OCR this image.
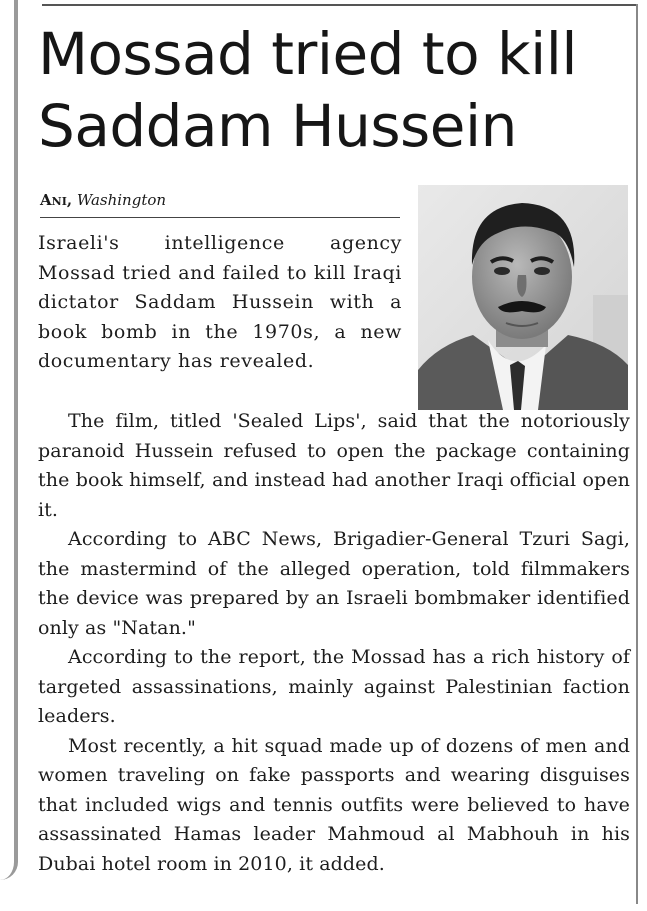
Mossad tried to kill Saddam Hussein
Ani, Washington
Israeli's intelligence agency Mossad tried and failed to kill Iraqi dictator Saddam Hussein with a book bomb in the 1970s, a new documentary has revealed.

The film, titled 'Sealed Lips', said that the notoriously paranoid Hussein refused to open the package containing the book himself, and instead had another Iraqi official open it.

According to ABC News, Brigadier-General Tzuri Sagi, the mastermind of the alleged operation, told filmmakers the device was prepared by an Israeli bombmaker identified only as "Natan."

According to the report, the Mossad has a rich history of targeted assassinations, mainly against Palestinian faction leaders.

Most recently, a hit squad made up of dozens of men and women traveling on fake passports and wearing disguises that included wigs and tennis outfits were believed to have assassinated Hamas leader Mahmoud al Mabhouh in his Dubai hotel room in 2010, it added.
